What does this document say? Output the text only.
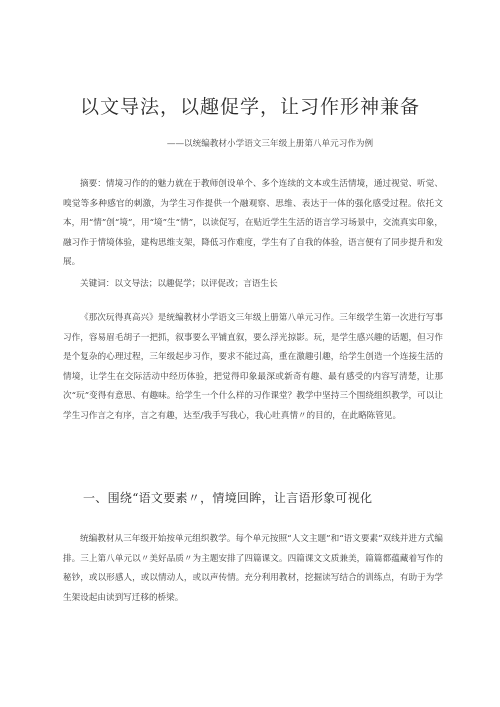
以文导法，以趣促学，让习作形神兼备
——以统编教材小学语文三年级上册第八单元习作为例

摘要：情境习作的的魅力就在于教师创设单个、多个连续的文本或生活情境，通过视觉、听觉、嗅觉等多种感官的刺激，为学生习作提供一个融观察、思维、表达于一体的强化感受过程。依托文本，用“情”创“境”，用“境”生“情”，以读促写，在贴近学生生活的语言学习场景中，交流真实印象，融习作于情境体验，建构思维支架，降低习作难度，学生有了自我的体验，语言便有了同步提升和发展。

关键词：以文导法；以趣促学；以评促改；言语生长

《那次玩得真高兴》是统编教材小学语文三年级上册第八单元习作。三年级学生第一次进行写事习作，容易眉毛胡子一把抓，叙事要么平铺直叙，要么浮光掠影。玩，是学生感兴趣的话题，但习作是个复杂的心理过程，三年级起步习作，要求不能过高，重在激趣引趣，给学生创造一个连接生活的情境，让学生在交际活动中经历体验，把觉得印象最深或新奇有趣、最有感受的内容写清楚，让那次“玩”变得有意思、有趣味。给学生一个什么样的习作课堂？教学中坚持三个围绕组织教学，可以让学生习作言之有序，言之有趣，达至/我手写我心，我心吐真情〃的目的，在此略陈管见。

一、围绕“语文要素〃，情境回眸，让言语形象可视化

统编教材从三年级开始按单元组织教学。每个单元按照“人文主题”和“语文要素”双线并进方式编排。三上第八单元以〃美好品质〃为主题安排了四篇课文。四篇课文文质兼美，篇篇都蕴藏着写作的秘钞，或以形感人，或以情动人，或以声传情。充分利用教材，挖掘读写结合的训练点，有助于为学生架设起由读到写迁移的桥梁。
